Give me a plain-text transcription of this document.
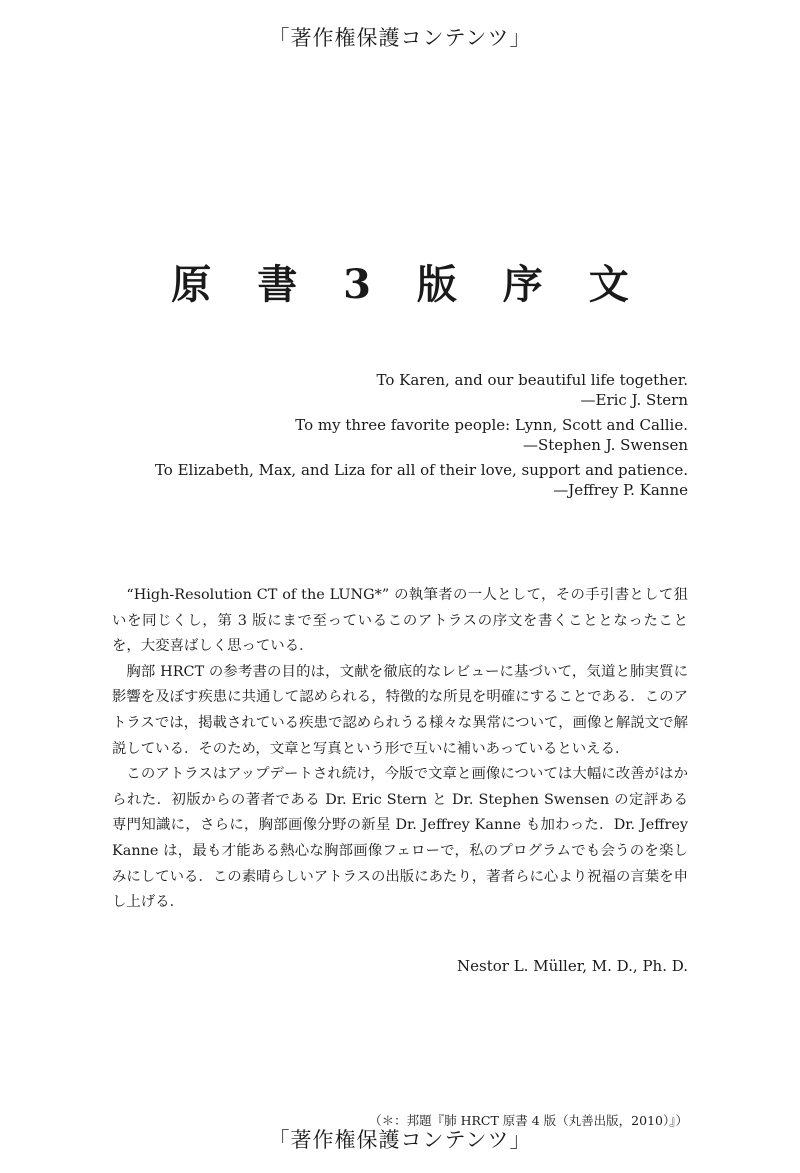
「著作権保護コンテンツ」
原 書 3 版 序 文
To Karen, and our beautiful life together.
—Eric J. Stern
To my three favorite people: Lynn, Scott and Callie.
—Stephen J. Swensen
To Elizabeth, Max, and Liza for all of their love, support and patience.
—Jeffrey P. Kanne

“High-Resolution CT of the LUNG*” の執筆者の一人として，その手引書として狙いを同じくし，第 3 版にまで至っているこのアトラスの序文を書くこととなったことを，大変喜ばしく思っている．

胸部 HRCT の参考書の目的は，文献を徹底的なレビューに基づいて，気道と肺実質に影響を及ぼす疾患に共通して認められる，特徴的な所見を明確にすることである．このアトラスでは，掲載されている疾患で認められうる様々な異常について，画像と解説文で解説している．そのため，文章と写真という形で互いに補いあっているといえる．

このアトラスはアップデートされ続け，今版で文章と画像については大幅に改善がはかられた．初版からの著者である Dr. Eric Stern と Dr. Stephen Swensen の定評ある専門知識に，さらに，胸部画像分野の新星 Dr. Jeffrey Kanne も加わった．Dr. Jeffrey Kanne は，最も才能ある熱心な胸部画像フェローで，私のプログラムでも会うのを楽しみにしている．この素晴らしいアトラスの出版にあたり，著者らに心より祝福の言葉を申し上げる．

Nestor L. Müller, M. D., Ph. D.
（＊：邦題『肺 HRCT 原書 4 版（丸善出版，2010）』）
「著作権保護コンテンツ」
